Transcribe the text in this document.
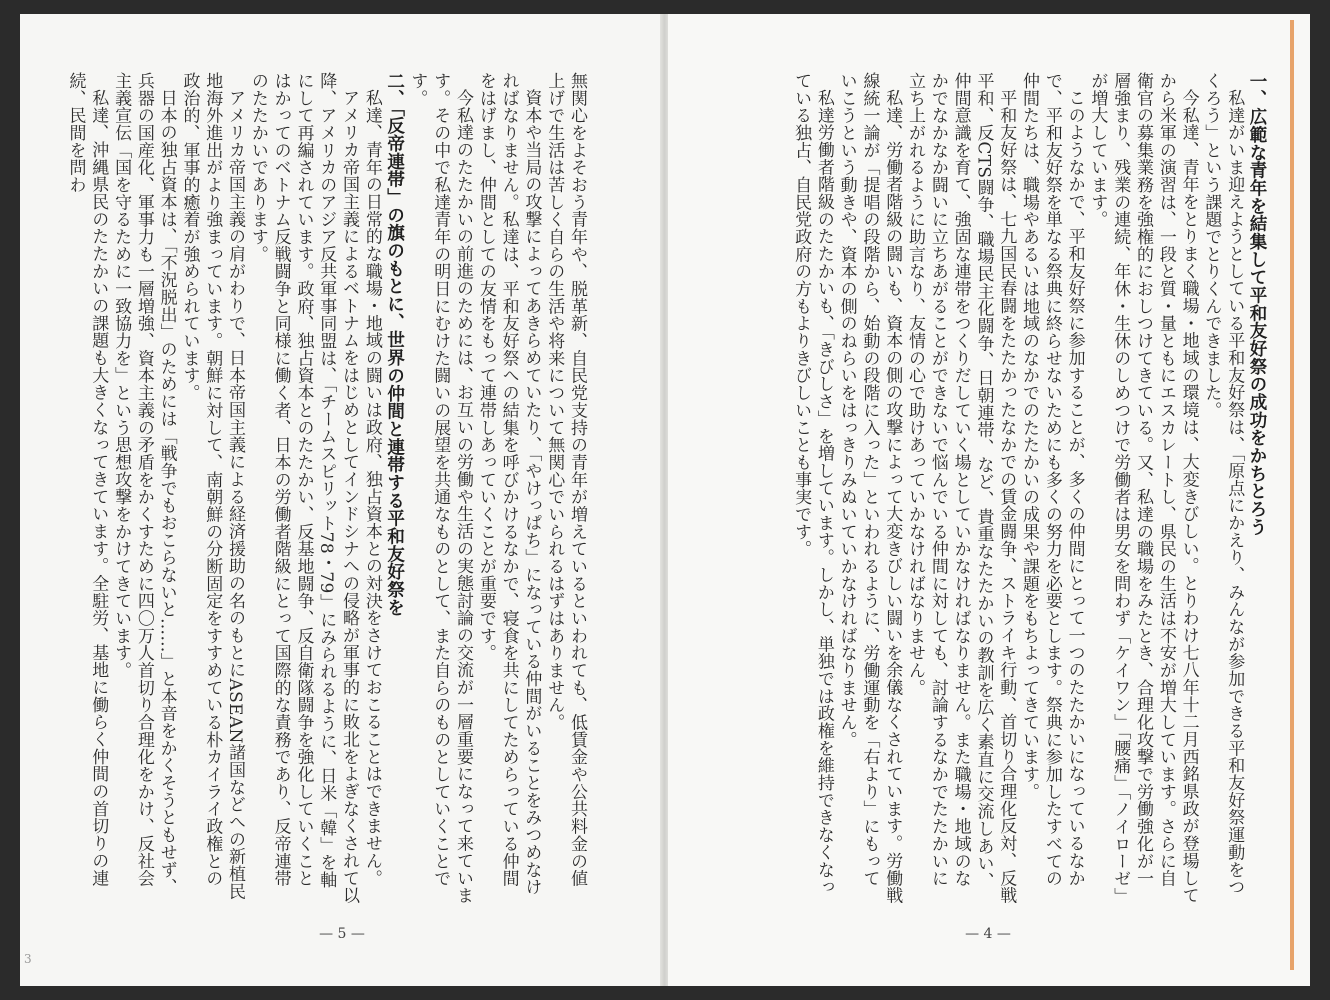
無関心をよそおう青年や、脱革新、自民党支持の青年が増えているといわれても、低賃金や公共料金の値上げで生活は苦しく自らの生活や将来について無関心でいられるはずはありません。

資本や当局の攻撃によってあきらめていたり、「やけっぱち」になっている仲間がいることをみつめなければなりません。私達は、平和友好祭への結集を呼びかけるなかで、寝食を共にしてためらっている仲間をはげまし、仲間としての友情をもって連帯しあっていくことが重要です。

今私達のたたかいの前進のためには、お互いの労働や生活の実態討論の交流が一層重要になって来ています。その中で私達青年の明日にむけた闘いの展望を共通なものとして、また自らのものとしていくことです。

二、「反帝連帯」の旗のもとに、世界の仲間と連帯する平和友好祭を

私達、青年の日常的な職場・地域の闘いは政府、独占資本との対決をさけておこることはできません。

アメリカ帝国主義によるベトナムをはじめとしてインドシナへの侵略が軍事的に敗北をよぎなくされて以降、アメリカのアジア反共軍事同盟は、「チームスピリット78・79」にみられるように、日米「韓」を軸にして再編されています。政府、独占資本とのたたかい、反基地闘争、反自衛隊闘争を強化していくことはかってのベトナム反戦闘争と同様に働く者、日本の労働者階級にとって国際的な責務であり、反帝連帯のたたかいであります。

アメリカ帝国主義の肩がわりで、日本帝国主義による経済援助の名のもとにASEAN諸国などへの新植民地海外進出がより強まっています。朝鮮に対して、南朝鮮の分断固定をすすめている朴カイライ政権との政治的、軍事的癒着が強められています。

日本の独占資本は、「不況脱出」のためには「戦争でもおこらないと……」と本音をかくそうともせず、兵器の国産化、軍事力も一層増強、資本主義の矛盾をかくすために四〇万人首切り合理化をかけ、反社会主義宣伝「国を守るために一致協力を」という思想攻撃をかけてきています。

私達、沖縄県民のたたかいの課題も大きくなってきています。全駐労、基地に働らく仲間の首切りの連続、民間を問わ

— 5 —
一、広範な青年を結集して平和友好祭の成功をかちとろう

私達がいま迎えようとしている平和友好祭は、「原点にかえり、みんなが参加できる平和友好祭運動をつくろう」という課題でとりくんできました。

今私達、青年をとりまく職場・地域の環境は、大変きびしい。とりわけ七八年十二月西銘県政が登場してから米軍の演習は、一段と質・量ともにエスカレートし、県民の生活は不安が増大しています。さらに自衛官の募集業務を強権的におしつけてきている。又、私達の職場をみたとき、合理化攻撃で労働強化が一層強まり、残業の連続、年休・生休のしめつけで労働者は男女を問わず「ケイワン」「腰痛」「ノイローゼ」が増大しています。

このようなかで、平和友好祭に参加することが、多くの仲間にとって一つのたたかいになっているなかで、平和友好祭を単なる祭典に終らせないためにも多くの努力を必要とします。祭典に参加したすべての仲間たちは、職場やあるいは地域のなかでのたたかいの成果や課題をもちよってきています。

平和友好祭は、七九国民春闘をたたかったなかでの賃金闘争、ストライキ行動、首切り合理化反対、反戦平和、反CTS闘争、職場民主化闘争、日朝連帯、など、貴重なたたかいの教訓を広く素直に交流しあい、仲間意識を育て、強固な連帯をつくりだしていく場としていかなければなりません。また職場・地域のなかでなかなか闘いに立ちあがることができないで悩んでいる仲間に対しても、討論するなかでたたかいに立ち上がれるように助言なり、友情の心で助けあっていかなければなりません。

私達、労働者階級の闘いも、資本の側の攻撃によって大変きびしい闘いを余儀なくされています。労働戦線統一論が「提唱の段階から、始動の段階に入った」といわれるように、労働運動を「右より」にもっていこうという動きや、資本の側のねらいをはっきりみぬいていかなければなりません。

私達労働者階級のたたかいも、「きびしさ」を増しています。しかし、単独では政権を維持できなくなっている独占、自民党政府の方もよりきびしいことも事実です。

— 4 —
3
